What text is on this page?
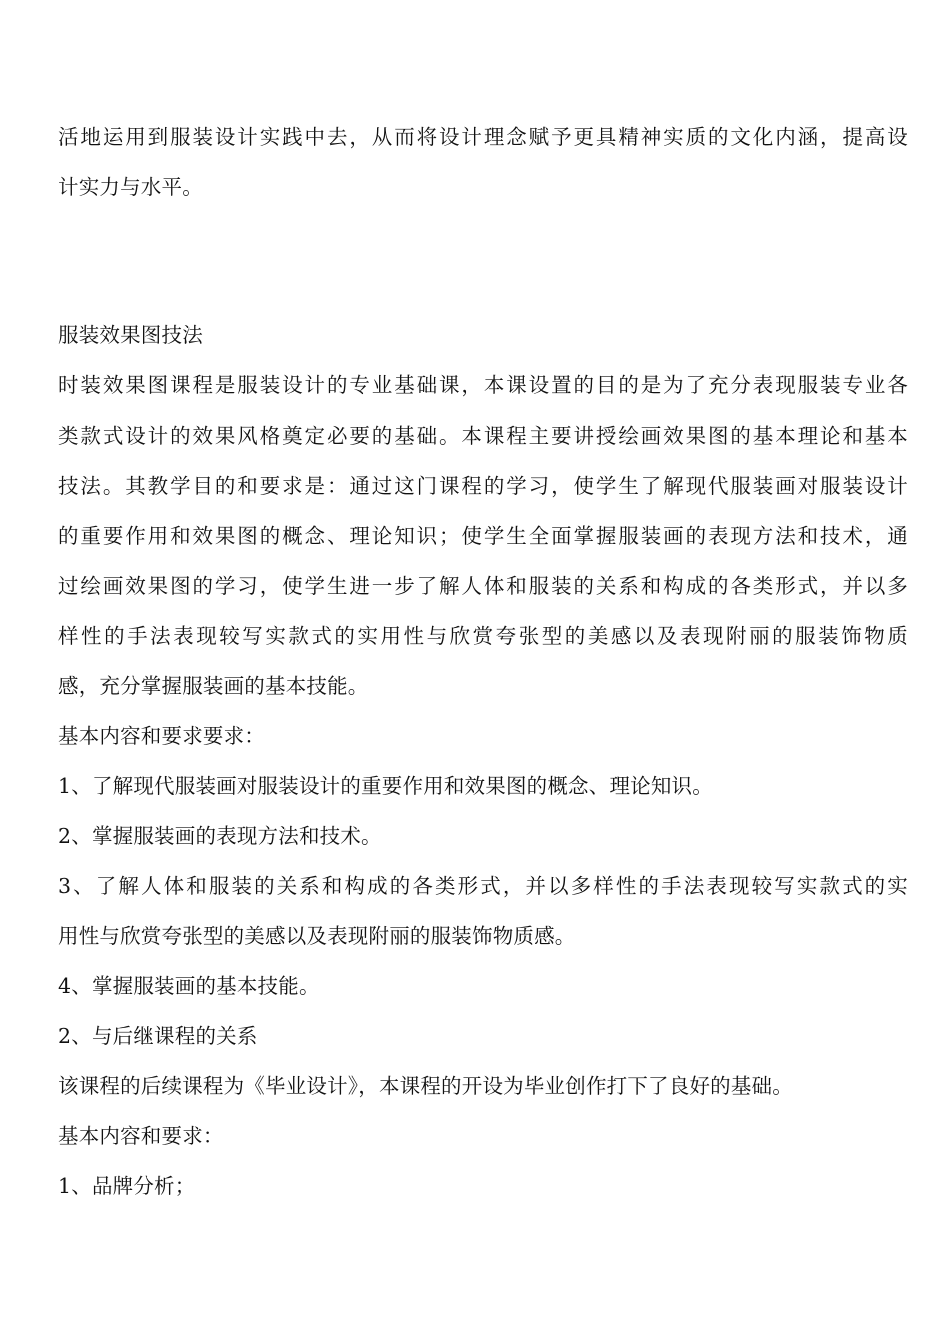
活地运用到服装设计实践中去，从而将设计理念赋予更具精神实质的文化内涵，提高设
计实力与水平。
服装效果图技法
时装效果图课程是服装设计的专业基础课，本课设置的目的是为了充分表现服装专业各
类款式设计的效果风格奠定必要的基础。本课程主要讲授绘画效果图的基本理论和基本
技法。其教学目的和要求是：通过这门课程的学习，使学生了解现代服装画对服装设计
的重要作用和效果图的概念、理论知识；使学生全面掌握服装画的表现方法和技术，通
过绘画效果图的学习，使学生进一步了解人体和服装的关系和构成的各类形式，并以多
样性的手法表现较写实款式的实用性与欣赏夸张型的美感以及表现附丽的服装饰物质
感，充分掌握服装画的基本技能。
基本内容和要求要求：
1、了解现代服装画对服装设计的重要作用和效果图的概念、理论知识。
2、掌握服装画的表现方法和技术。
3、了解人体和服装的关系和构成的各类形式，并以多样性的手法表现较写实款式的实
用性与欣赏夸张型的美感以及表现附丽的服装饰物质感。
4、掌握服装画的基本技能。
2、与后继课程的关系
该课程的后续课程为《毕业设计》，本课程的开设为毕业创作打下了良好的基础。
基本内容和要求：
1、品牌分析；
